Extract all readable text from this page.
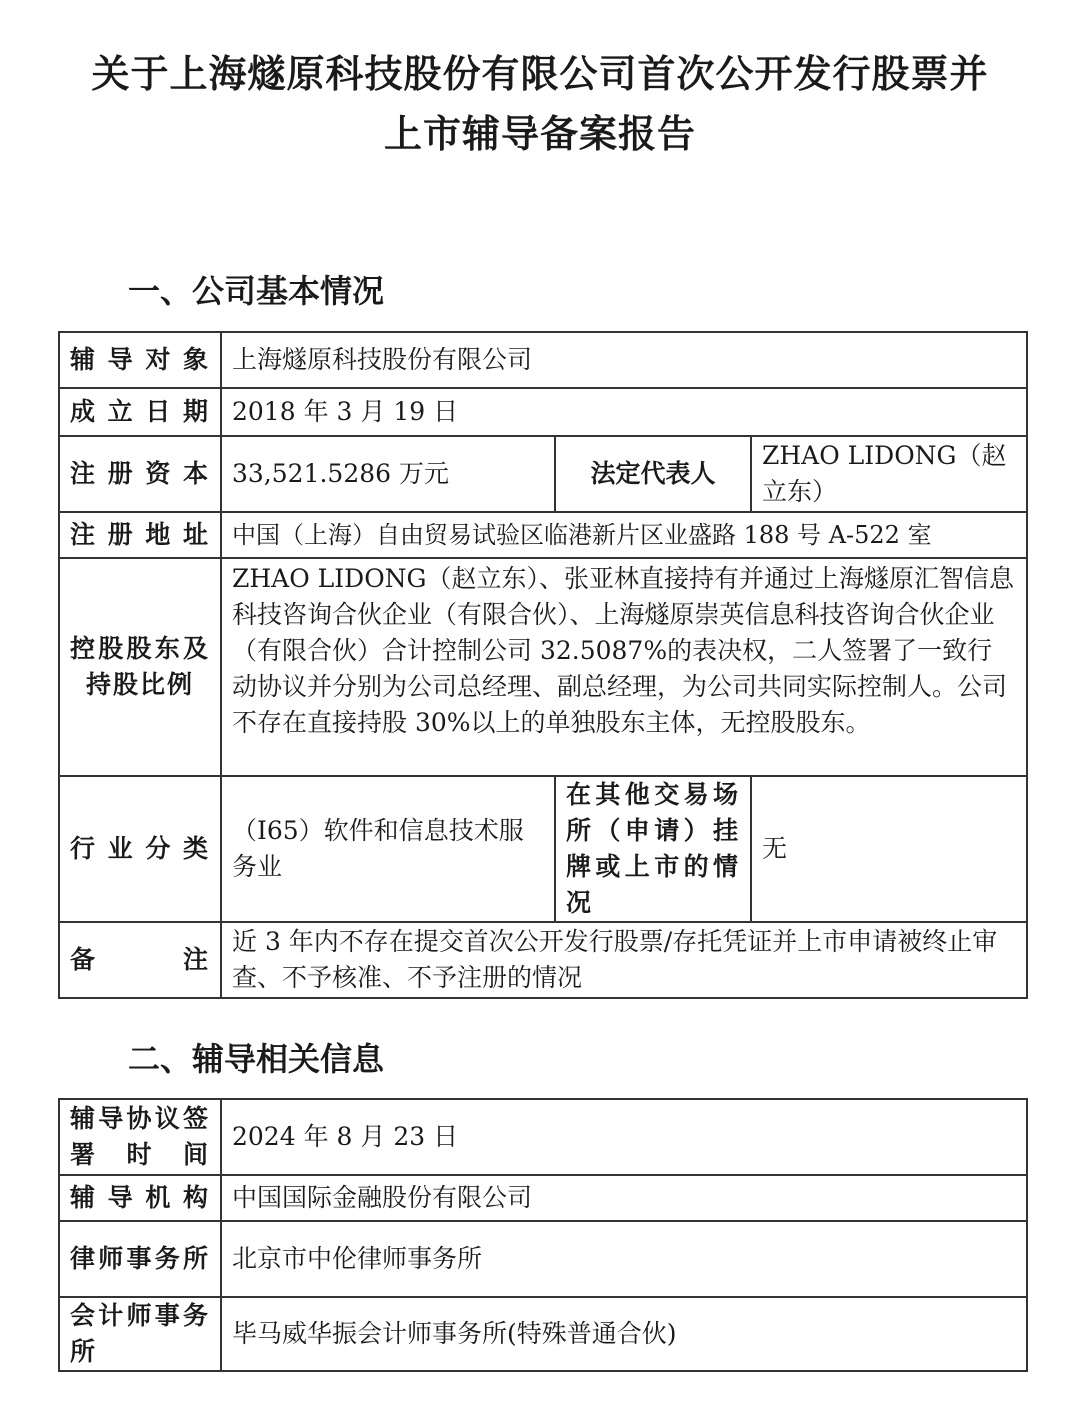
关于上海燧原科技股份有限公司首次公开发行股票并
上市辅导备案报告
一、公司基本情况
辅导对象	上海燧原科技股份有限公司		
成立日期	2018 年 3 月 19 日		
注册资本	33,521.5286 万元	法定代表人	ZHAO LIDONG（赵立东）
注册地址	中国（上海）自由贸易试验区临港新片区业盛路 188 号 A-522 室		
控股股东及持股比例	ZHAO LIDONG（赵立东）、张亚林直接持有并通过上海燧原汇智信息科技咨询合伙企业（有限合伙）、上海燧原崇英信息科技咨询合伙企业（有限合伙）合计控制公司 32.5087%的表决权，二人签署了一致行动协议并分别为公司总经理、副总经理，为公司共同实际控制人。公司不存在直接持股 30%以上的单独股东主体，无控股股东。		
行业分类	（I65）软件和信息技术服务业	在其他交易场所（申请）挂牌或上市的情况	无
备注	近 3 年内不存在提交首次公开发行股票/存托凭证并上市申请被终止审查、不予核准、不予注册的情况		
二、辅导相关信息
辅导协议签署时间	2024 年 8 月 23 日
辅导机构	中国国际金融股份有限公司
律师事务所	北京市中伦律师事务所
会计师事务所	毕马威华振会计师事务所(特殊普通合伙)
